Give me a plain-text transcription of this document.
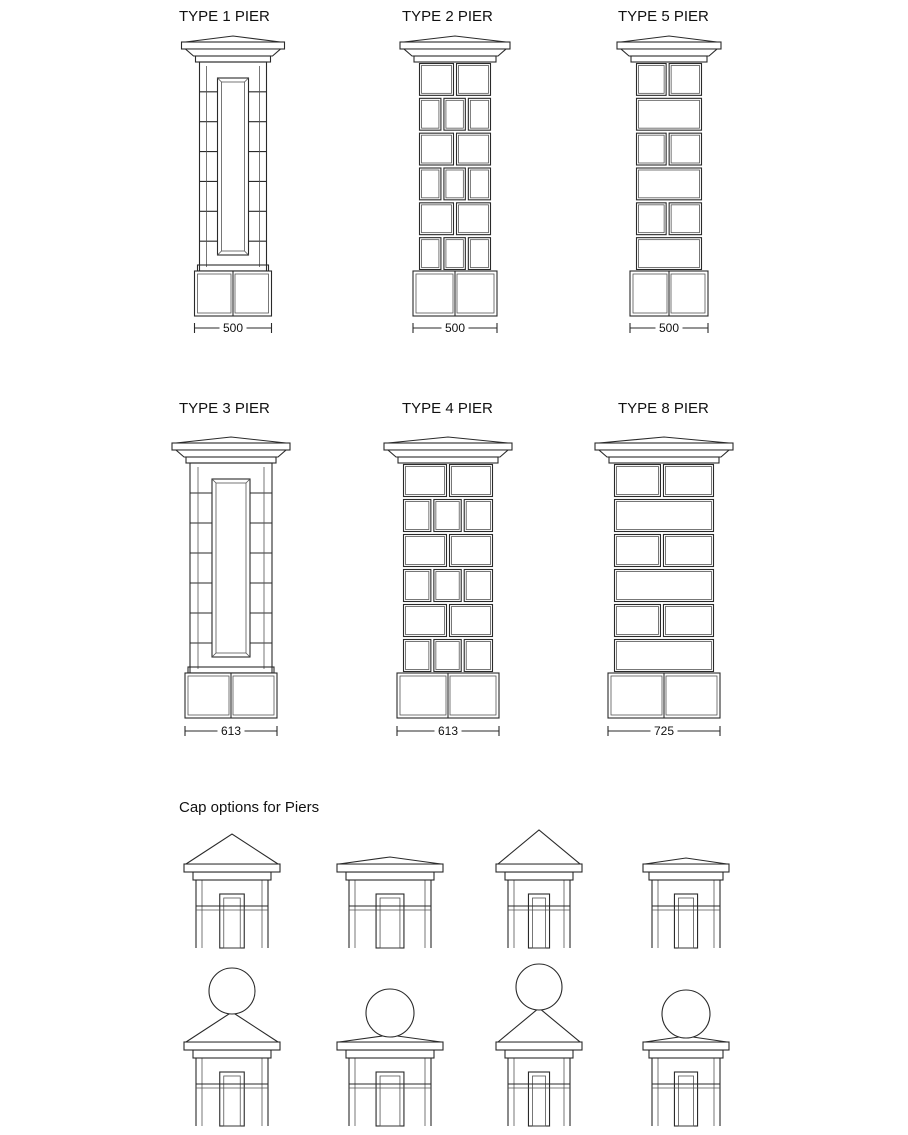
TYPE 1 PIER
500
TYPE 2 PIER
500
TYPE 5 PIER
500
TYPE 3 PIER
613
TYPE 4 PIER
613
TYPE 8 PIER
725
Cap options for Piers
